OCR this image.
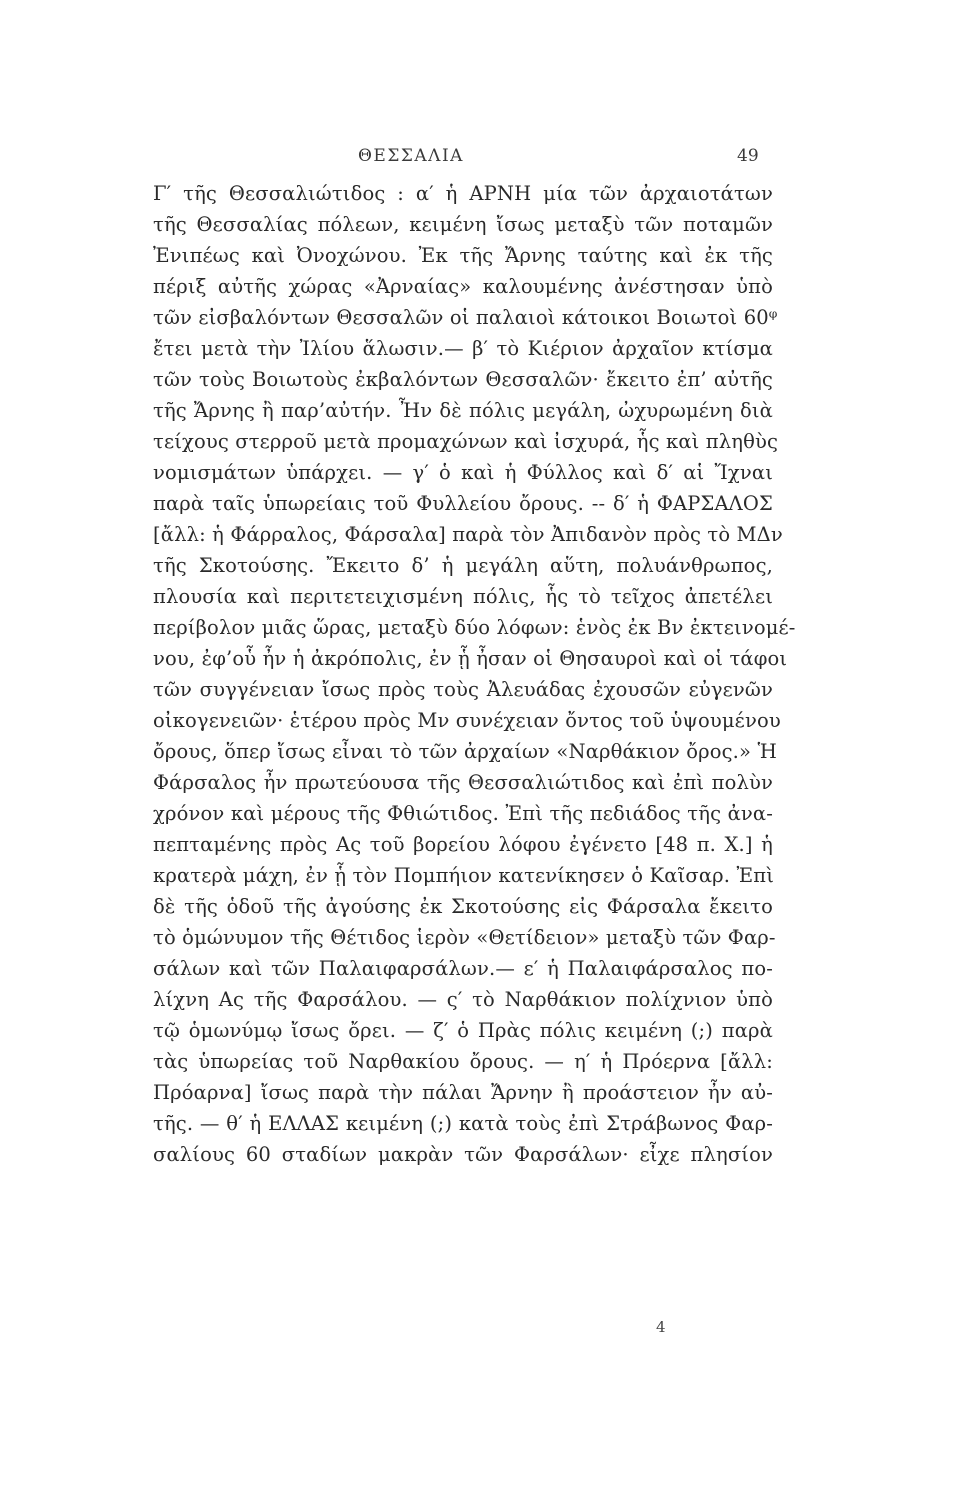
ΘΕΣΣΑΛΙΑ	49
Γ′ τῆς Θεσσαλιώτιδος : α′ ἡ ΑΡΝΗ μία τῶν ἀρχαιοτάτων
τῆς Θεσσαλίας πόλεων, κειμένη ἴσως μεταξὺ τῶν ποταμῶν
Ἐνιπέως καὶ Ὀνοχώνου. Ἐκ τῆς Ἄρνης ταύτης καὶ ἐκ τῆς
πέριξ αὐτῆς χώρας «Ἀρναίας» καλουμένης ἀνέστησαν ὑπὸ
τῶν εἰσβαλόντων Θεσσαλῶν οἱ παλαιοὶ κάτοικοι Βοιωτοὶ 60ᵠ
ἔτει μετὰ τὴν Ἰλίου ἅλωσιν.— β′ τὸ Κιέριον ἀρχαῖον κτίσμα
τῶν τοὺς Βοιωτοὺς ἐκβαλόντων Θεσσαλῶν· ἔκειτο ἐπ’ αὐτῆς
τῆς Ἄρνης ἢ παρ’αὐτήν. Ἦν δὲ πόλις μεγάλη, ὠχυρωμένη διὰ
τείχους στερροῦ μετὰ προμαχώνων καὶ ἰσχυρά, ἧς καὶ πληθὺς
νομισμάτων ὑπάρχει. — γ′ ὁ καὶ ἡ Φύλλος καὶ δ′ αἱ Ἴχναι
παρὰ ταῖς ὑπωρείαις τοῦ Φυλλείου ὄρους. -- δ′ ἡ ΦΑΡΣΑΛΟΣ
[ἄλλ: ἡ Φάρραλος, Φάρσαλα] παρὰ τὸν Ἀπιδανὸν πρὸς τὸ ΜΔν
τῆς Σκοτούσης. Ἔκειτο δ’ ἡ μεγάλη αὕτη, πολυάνθρωπος,
πλουσία καὶ περιτετειχισμένη πόλις, ἧς τὸ τεῖχος ἀπετέλει
περίβολον μιᾶς ὥρας, μεταξὺ δύο λόφων: ἑνὸς ἐκ Βν ἐκτεινομέ-
νου, ἐφ’οὗ ἦν ἡ ἀκρόπολις, ἐν ᾗ ἦσαν οἱ Θησαυροὶ καὶ οἱ τάφοι
τῶν συγγένειαν ἴσως πρὸς τοὺς Ἀλευάδας ἐχουσῶν εὐγενῶν
οἰκογενειῶν· ἑτέρου πρὸς Μν συνέχειαν ὄντος τοῦ ὑψουμένου
ὄρους, ὅπερ ἴσως εἶναι τὸ τῶν ἀρχαίων «Ναρθάκιον ὄρος.» Ἡ
Φάρσαλος ἦν πρωτεύουσα τῆς Θεσσαλιώτιδος καὶ ἐπὶ πολὺν
χρόνον καὶ μέρους τῆς Φθιώτιδος. Ἐπὶ τῆς πεδιάδος τῆς ἀνα-
πεπταμένης πρὸς Ας τοῦ βορείου λόφου ἐγένετο [48 π. Χ.] ἡ
κρατερὰ μάχη, ἐν ᾗ τὸν Πομπήιον κατενίκησεν ὁ Καῖσαρ. Ἐπὶ
δὲ τῆς ὁδοῦ τῆς ἀγούσης ἐκ Σκοτούσης εἰς Φάρσαλα ἔκειτο
τὸ ὁμώνυμον τῆς Θέτιδος ἱερὸν «Θετίδειον» μεταξὺ τῶν Φαρ-
σάλων καὶ τῶν Παλαιφαρσάλων.— ε′ ἡ Παλαιφάρσαλος πο-
λίχνη Ας τῆς Φαρσάλου. — ς′ τὸ Ναρθάκιον πολίχνιον ὑπὸ
τῷ ὁμωνύμῳ ἴσως ὄρει. — ζ′ ὁ Πρὰς πόλις κειμένη (;) παρὰ
τὰς ὑπωρείας τοῦ Ναρθακίου ὄρους. — η′ ἡ Πρόερνα [ἄλλ:
Πρόαρνα] ἴσως παρὰ τὴν πάλαι Ἄρνην ἢ προάστειον ἦν αὐ-
τῆς. — θ′ ἡ ΕΛΛΑΣ κειμένη (;) κατὰ τοὺς ἐπὶ Στράβωνος Φαρ-
σαλίους 60 σταδίων μακρὰν τῶν Φαρσάλων· εἶχε πλησίον
4
